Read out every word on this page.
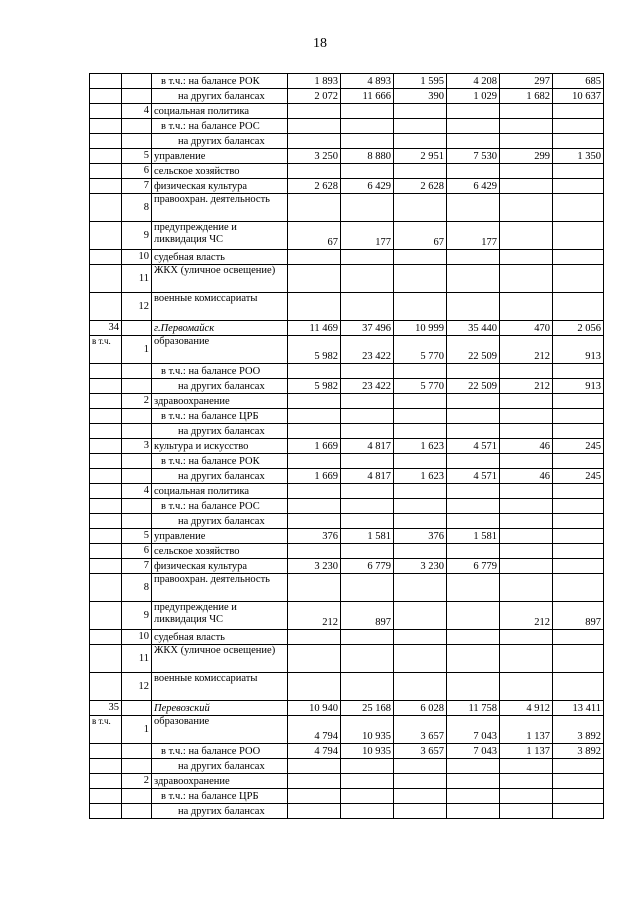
18
		в т.ч.: на балансе РОК	1 893	4 893	1 595	4 208	297	685
		на других балансах	2 072	11 666	390	1 029	1 682	10 637
	4	социальная политика						
		в т.ч.: на балансе РОС						
		на других балансах						
	5	управление	3 250	8 880	2 951	7 530	299	1 350
	6	сельское хозяйство						
	7	физическая культура	2 628	6 429	2 628	6 429		
	8	правоохран. деятельность						
	9	предупреждение и ликвидация ЧС	67	177	67	177		
	10	судебная власть						
	11	ЖКХ (уличное освещение)						
	12	военные комиссариаты						
34		г.Первомайск	11 469	37 496	10 999	35 440	470	2 056
в т.ч.	1	образование	5 982	23 422	5 770	22 509	212	913
		в т.ч.: на балансе РОО						
		на других балансах	5 982	23 422	5 770	22 509	212	913
	2	здравоохранение						
		в т.ч.: на балансе ЦРБ						
		на других балансах						
	3	культура и искусство	1 669	4 817	1 623	4 571	46	245
		в т.ч.: на балансе РОК						
		на других балансах	1 669	4 817	1 623	4 571	46	245
	4	социальная политика						
		в т.ч.: на балансе РОС						
		на других балансах						
	5	управление	376	1 581	376	1 581		
	6	сельское хозяйство						
	7	физическая культура	3 230	6 779	3 230	6 779		
	8	правоохран. деятельность						
	9	предупреждение и ликвидация ЧС	212	897			212	897
	10	судебная власть						
	11	ЖКХ (уличное освещение)						
	12	военные комиссариаты						
35		Перевозский	10 940	25 168	6 028	11 758	4 912	13 411
в т.ч.	1	образование	4 794	10 935	3 657	7 043	1 137	3 892
		в т.ч.: на балансе РОО	4 794	10 935	3 657	7 043	1 137	3 892
		на других балансах						
	2	здравоохранение						
		в т.ч.: на балансе ЦРБ						
		на других балансах						
